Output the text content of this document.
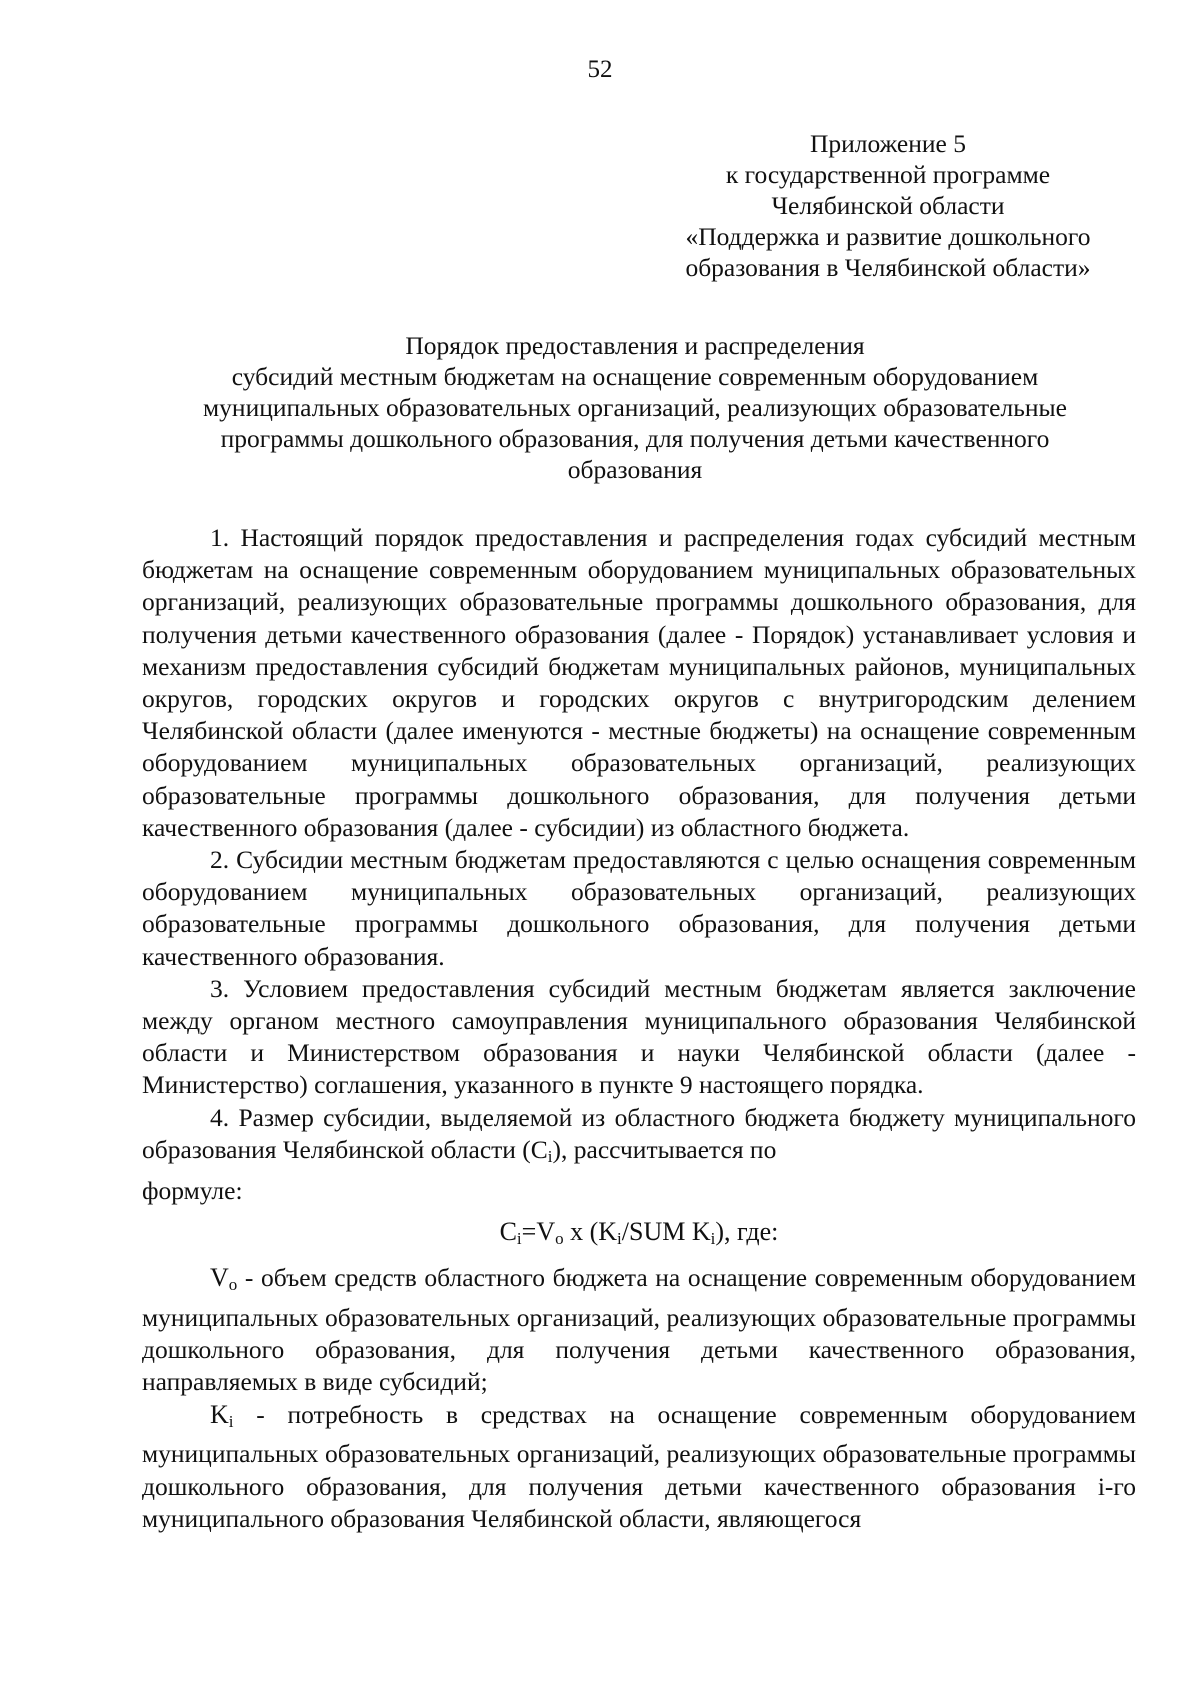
52
Приложение 5
к государственной программе
Челябинской области
«Поддержка и развитие дошкольного
образования в Челябинской области»
Порядок предоставления и распределения
субсидий местным бюджетам на оснащение современным оборудованием
муниципальных образовательных организаций, реализующих образовательные
программы дошкольного образования, для получения детьми качественного
образования

1. Настоящий порядок предоставления и распределения годах субсидий местным бюджетам на оснащение современным оборудованием муниципальных образовательных организаций, реализующих образовательные программы дошкольного образования, для получения детьми качественного образования (далее - Порядок) устанавливает условия и механизм предоставления субсидий бюджетам муниципальных районов, муниципальных округов, городских округов и городских округов с внутригородским делением Челябинской области (далее именуются - местные бюджеты) на оснащение современным оборудованием муниципальных образовательных организаций, реализующих образовательные программы дошкольного образования, для получения детьми качественного образования (далее - субсидии) из областного бюджета.

2. Субсидии местным бюджетам предоставляются с целью оснащения современным оборудованием муниципальных образовательных организаций, реализующих образовательные программы дошкольного образования, для получения детьми качественного образования.

3. Условием предоставления субсидий местным бюджетам является заключение между органом местного самоуправления муниципального образования Челябинской области и Министерством образования и науки Челябинской области (далее - Министерство) соглашения, указанного в пункте 9 настоящего порядка.

4. Размер субсидии, выделяемой из областного бюджета бюджету муниципального образования Челябинской области $(C_i)$, рассчитывается по

формуле:

$C_i=V_o$ x ($K_i$/SUM $K_i$), где:

$V_o$ - объем средств областного бюджета на оснащение современным оборудованием муниципальных образовательных организаций, реализующих образовательные программы дошкольного образования, для получения детьми качественного образования, направляемых в виде субсидий;

$K_i$ - потребность в средствах на оснащение современным оборудованием муниципальных образовательных организаций, реализующих образовательные программы дошкольного образования, для получения детьми качественного образования i-го муниципального образования Челябинской области, являющегося
